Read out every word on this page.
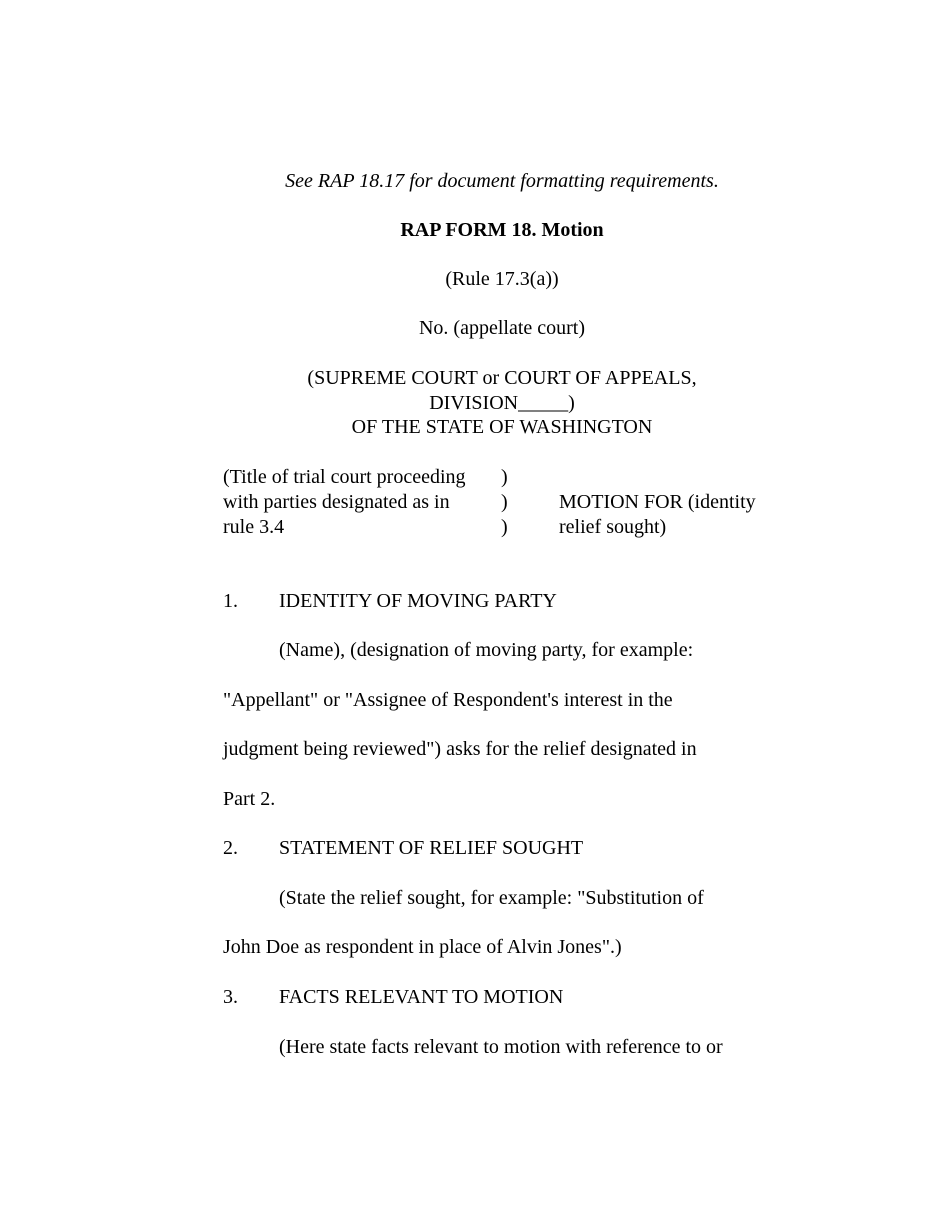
See RAP 18.17 for document formatting requirements.
RAP FORM 18. Motion
(Rule 17.3(a))
No. (appellate court)
(SUPREME COURT or COURT OF APPEALS,
DIVISION_____)
OF THE STATE OF WASHINGTON
(Title of trial court proceeding
with parties designated as in
rule 3.4
)
)
)
MOTION FOR (identity
relief sought)
1. IDENTITY OF MOVING PARTY
(Name), (designation of moving party, for example:
"Appellant" or "Assignee of Respondent's interest in the
judgment being reviewed") asks for the relief designated in
Part 2.
2. STATEMENT OF RELIEF SOUGHT
(State the relief sought, for example: "Substitution of
John Doe as respondent in place of Alvin Jones".)
3. FACTS RELEVANT TO MOTION
(Here state facts relevant to motion with reference to or
